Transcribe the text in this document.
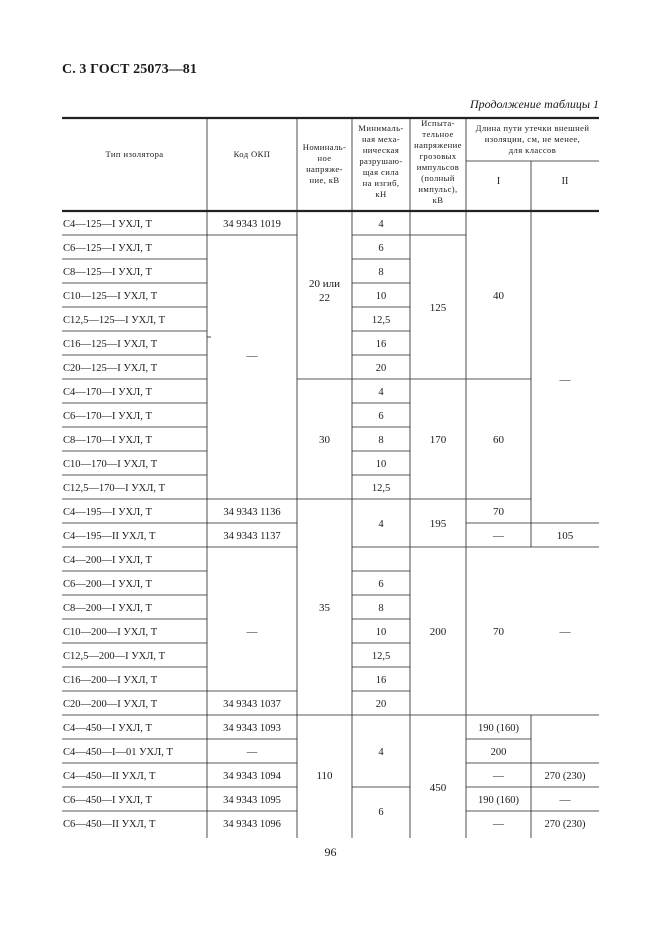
С. 3 ГОСТ 25073—81
Продолжение таблицы 1
Тип изолятора	Код ОКП
Номиналь-
ное
напряже-
ние, кВ
Минималь-
ная меха-
ническая
разрушаю-
щая сила
на изгиб,
кН
Испыта-
тельное
напряжение
грозовых
импульсов
(полный
импульс),
кВ
Длина пути утечки внешней
изоляции, см, не менее,
для классов
I	II
С4—125—I УХЛ, Т
С6—125—I УХЛ, Т
С8—125—I УХЛ, Т
С10—125—I УХЛ, Т
С12,5—125—I УХЛ, Т
С16—125—I УХЛ, Т
С20—125—I УХЛ, Т
С4—170—I УХЛ, Т
С6—170—I УХЛ, Т
С8—170—I УХЛ, Т
С10—170—I УХЛ, Т
С12,5—170—I УХЛ, Т
С4—195—I УХЛ, Т
С4—195—II УХЛ, Т
С4—200—I УХЛ, Т
С6—200—I УХЛ, Т
С8—200—I УХЛ, Т
С10—200—I УХЛ, Т
С12,5—200—I УХЛ, Т
С16—200—I УХЛ, Т
С20—200—I УХЛ, Т
С4—450—I УХЛ, Т
С4—450—I—01 УХЛ, Т
С4—450—II УХЛ, Т
С6—450—I УХЛ, Т
С6—450—II УХЛ, Т
34 9343 1019
34 9343 1136
34 9343 1137
34 9343 1037
34 9343 1093
—
34 9343 1094
34 9343 1095
34 9343 1096
—
—
20 или
22
30
35
110
4
6
8
10
12,5
16
20
4
6
8
10
12,5
6
8
10
12,5
16
20
4
4
6
125
170
195
200
450
40
60
70
—
70
190 (160)
200
—
190 (160)
—
—
105
—
270 (230)
—
270 (230)
96
